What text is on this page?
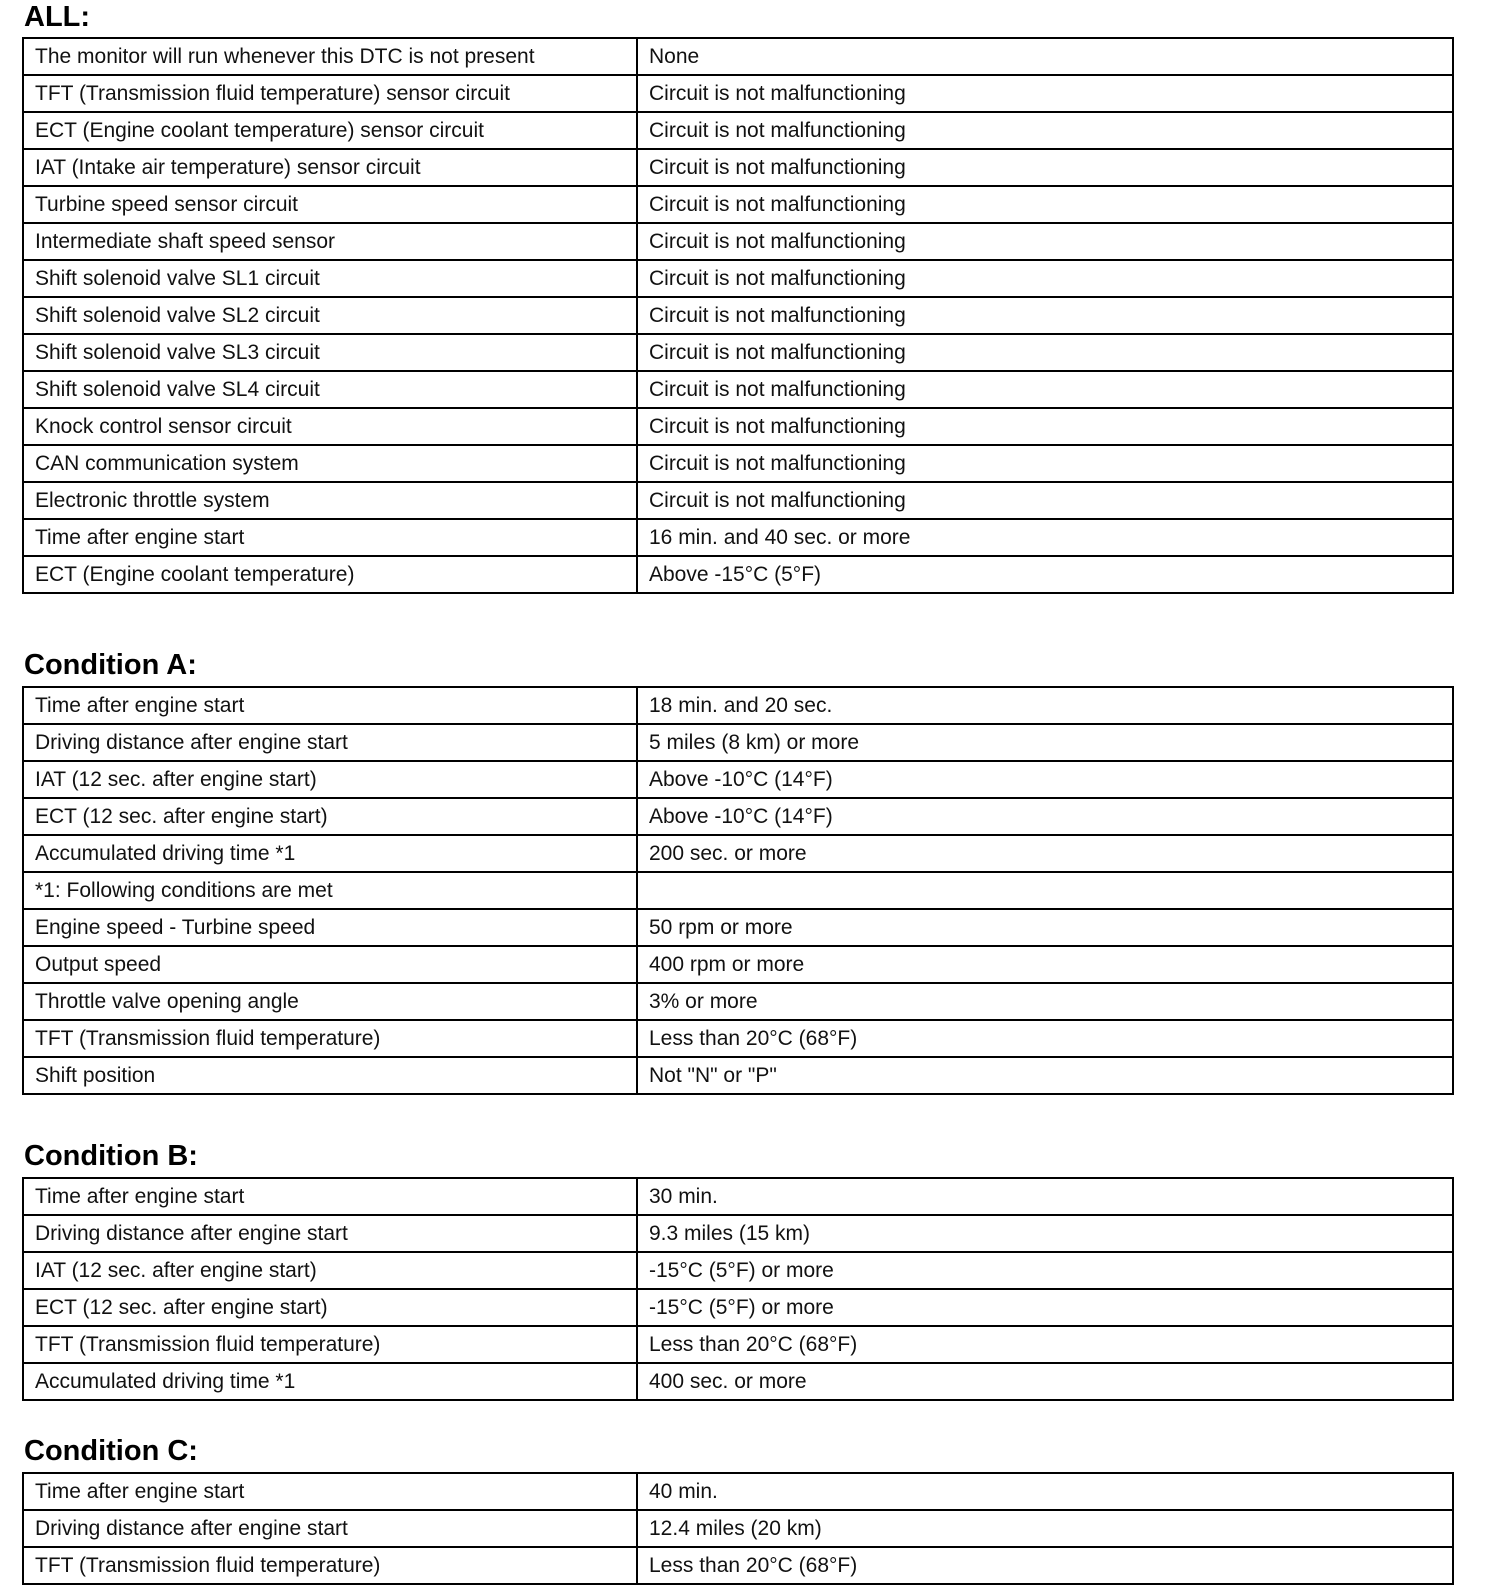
ALL:
The monitor will run whenever this DTC is not present	None
TFT (Transmission fluid temperature) sensor circuit	Circuit is not malfunctioning
ECT (Engine coolant temperature) sensor circuit	Circuit is not malfunctioning
IAT (Intake air temperature) sensor circuit	Circuit is not malfunctioning
Turbine speed sensor circuit	Circuit is not malfunctioning
Intermediate shaft speed sensor	Circuit is not malfunctioning
Shift solenoid valve SL1 circuit	Circuit is not malfunctioning
Shift solenoid valve SL2 circuit	Circuit is not malfunctioning
Shift solenoid valve SL3 circuit	Circuit is not malfunctioning
Shift solenoid valve SL4 circuit	Circuit is not malfunctioning
Knock control sensor circuit	Circuit is not malfunctioning
CAN communication system	Circuit is not malfunctioning
Electronic throttle system	Circuit is not malfunctioning
Time after engine start	16 min. and 40 sec. or more
ECT (Engine coolant temperature)	Above -15°C (5°F)
Condition A:
Time after engine start	18 min. and 20 sec.
Driving distance after engine start	5 miles (8 km) or more
IAT (12 sec. after engine start)	Above -10°C (14°F)
ECT (12 sec. after engine start)	Above -10°C (14°F)
Accumulated driving time *1	200 sec. or more
*1: Following conditions are met	
Engine speed - Turbine speed	50 rpm or more
Output speed	400 rpm or more
Throttle valve opening angle	3% or more
TFT (Transmission fluid temperature)	Less than 20°C (68°F)
Shift position	Not "N" or "P"
Condition B:
Time after engine start	30 min.
Driving distance after engine start	9.3 miles (15 km)
IAT (12 sec. after engine start)	-15°C (5°F) or more
ECT (12 sec. after engine start)	-15°C (5°F) or more
TFT (Transmission fluid temperature)	Less than 20°C (68°F)
Accumulated driving time *1	400 sec. or more
Condition C:
Time after engine start	40 min.
Driving distance after engine start	12.4 miles (20 km)
TFT (Transmission fluid temperature)	Less than 20°C (68°F)
